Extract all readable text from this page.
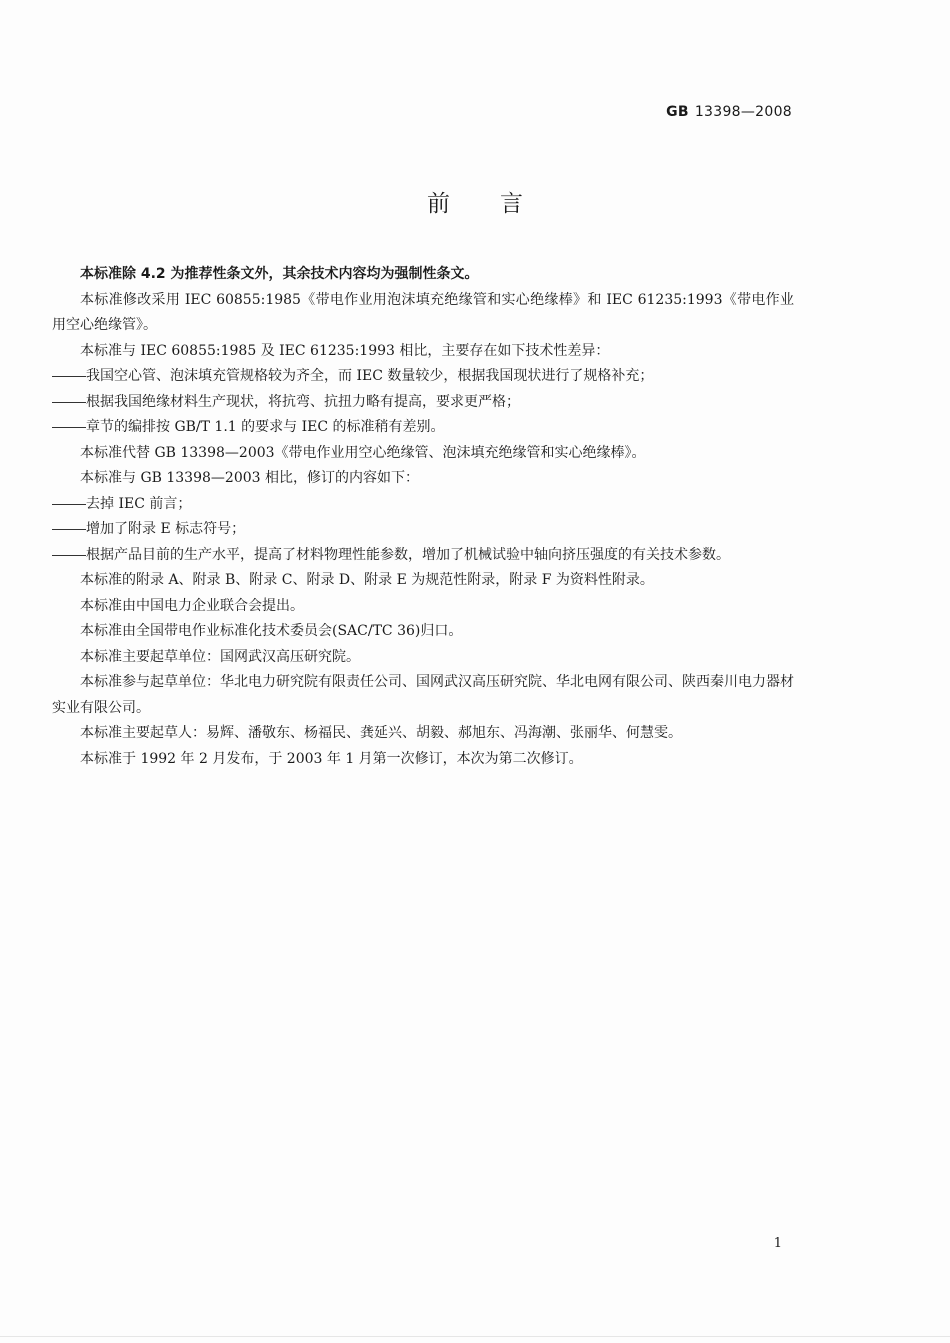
GB 13398—2008
前言

本标准除 4.2 为推荐性条文外，其余技术内容均为强制性条文。

本标准修改采用 IEC 60855:1985《带电作业用泡沫填充绝缘管和实心绝缘棒》和 IEC 61235:1993《带电作业用空心绝缘管》。

本标准与 IEC 60855:1985 及 IEC 61235:1993 相比，主要存在如下技术性差异：

我国空心管、泡沫填充管规格较为齐全，而 IEC 数量较少，根据我国现状进行了规格补充；

根据我国绝缘材料生产现状，将抗弯、抗扭力略有提高，要求更严格；

章节的编排按 GB/T 1.1 的要求与 IEC 的标准稍有差别。

本标准代替 GB 13398—2003《带电作业用空心绝缘管、泡沫填充绝缘管和实心绝缘棒》。

本标准与 GB 13398—2003 相比，修订的内容如下：

去掉 IEC 前言；

增加了附录 E 标志符号；

根据产品目前的生产水平，提高了材料物理性能参数，增加了机械试验中轴向挤压强度的有关技术参数。

本标准的附录 A、附录 B、附录 C、附录 D、附录 E 为规范性附录，附录 F 为资料性附录。

本标准由中国电力企业联合会提出。

本标准由全国带电作业标准化技术委员会(SAC/TC 36)归口。

本标准主要起草单位：国网武汉高压研究院。

本标准参与起草单位：华北电力研究院有限责任公司、国网武汉高压研究院、华北电网有限公司、陕西秦川电力器材实业有限公司。

本标准主要起草人：易辉、潘敬东、杨福民、龚延兴、胡毅、郝旭东、冯海潮、张丽华、何慧雯。

本标准于 1992 年 2 月发布，于 2003 年 1 月第一次修订，本次为第二次修订。

1
